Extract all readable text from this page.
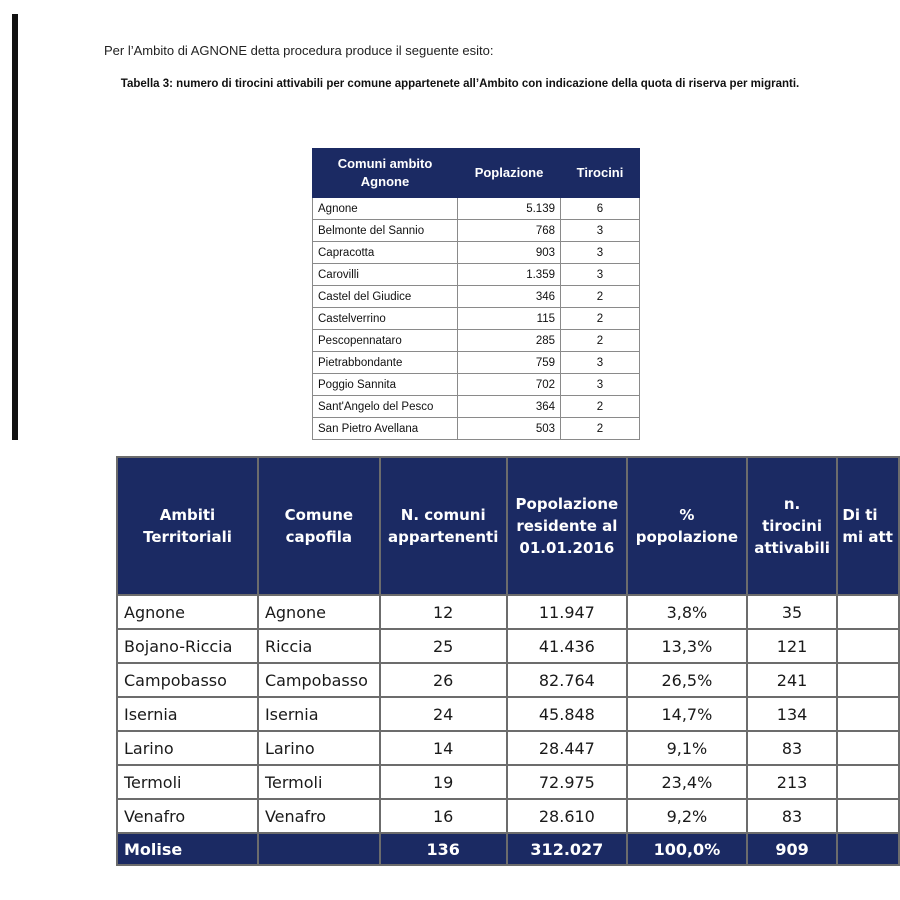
Per l’Ambito di AGNONE detta procedura produce il seguente esito:
Tabella 3: numero di tirocini attivabili per comune appartenete all’Ambito con indicazione della quota di riserva per migranti.
Comuni ambito Agnone	Poplazione	Tirocini
Agnone	5.139	6
Belmonte del Sannio	768	3
Capracotta	903	3
Carovilli	1.359	3
Castel del Giudice	346	2
Castelverrino	115	2
Pescopennataro	285	2
Pietrabbondante	759	3
Poggio Sannita	702	3
Sant'Angelo del Pesco	364	2
San Pietro Avellana	503	2
Ambiti Territoriali	Comune capofila	N. comuni appartenenti	Popolazione residente al 01.01.2016	% popolazione	n. tirocini attivabili	Di ti mi att
Agnone	Agnone	12	11.947	3,8%	35	
Bojano-Riccia	Riccia	25	41.436	13,3%	121	
Campobasso	Campobasso	26	82.764	26,5%	241	
Isernia	Isernia	24	45.848	14,7%	134	
Larino	Larino	14	28.447	9,1%	83	
Termoli	Termoli	19	72.975	23,4%	213	
Venafro	Venafro	16	28.610	9,2%	83	
Molise		136	312.027	100,0%	909	
